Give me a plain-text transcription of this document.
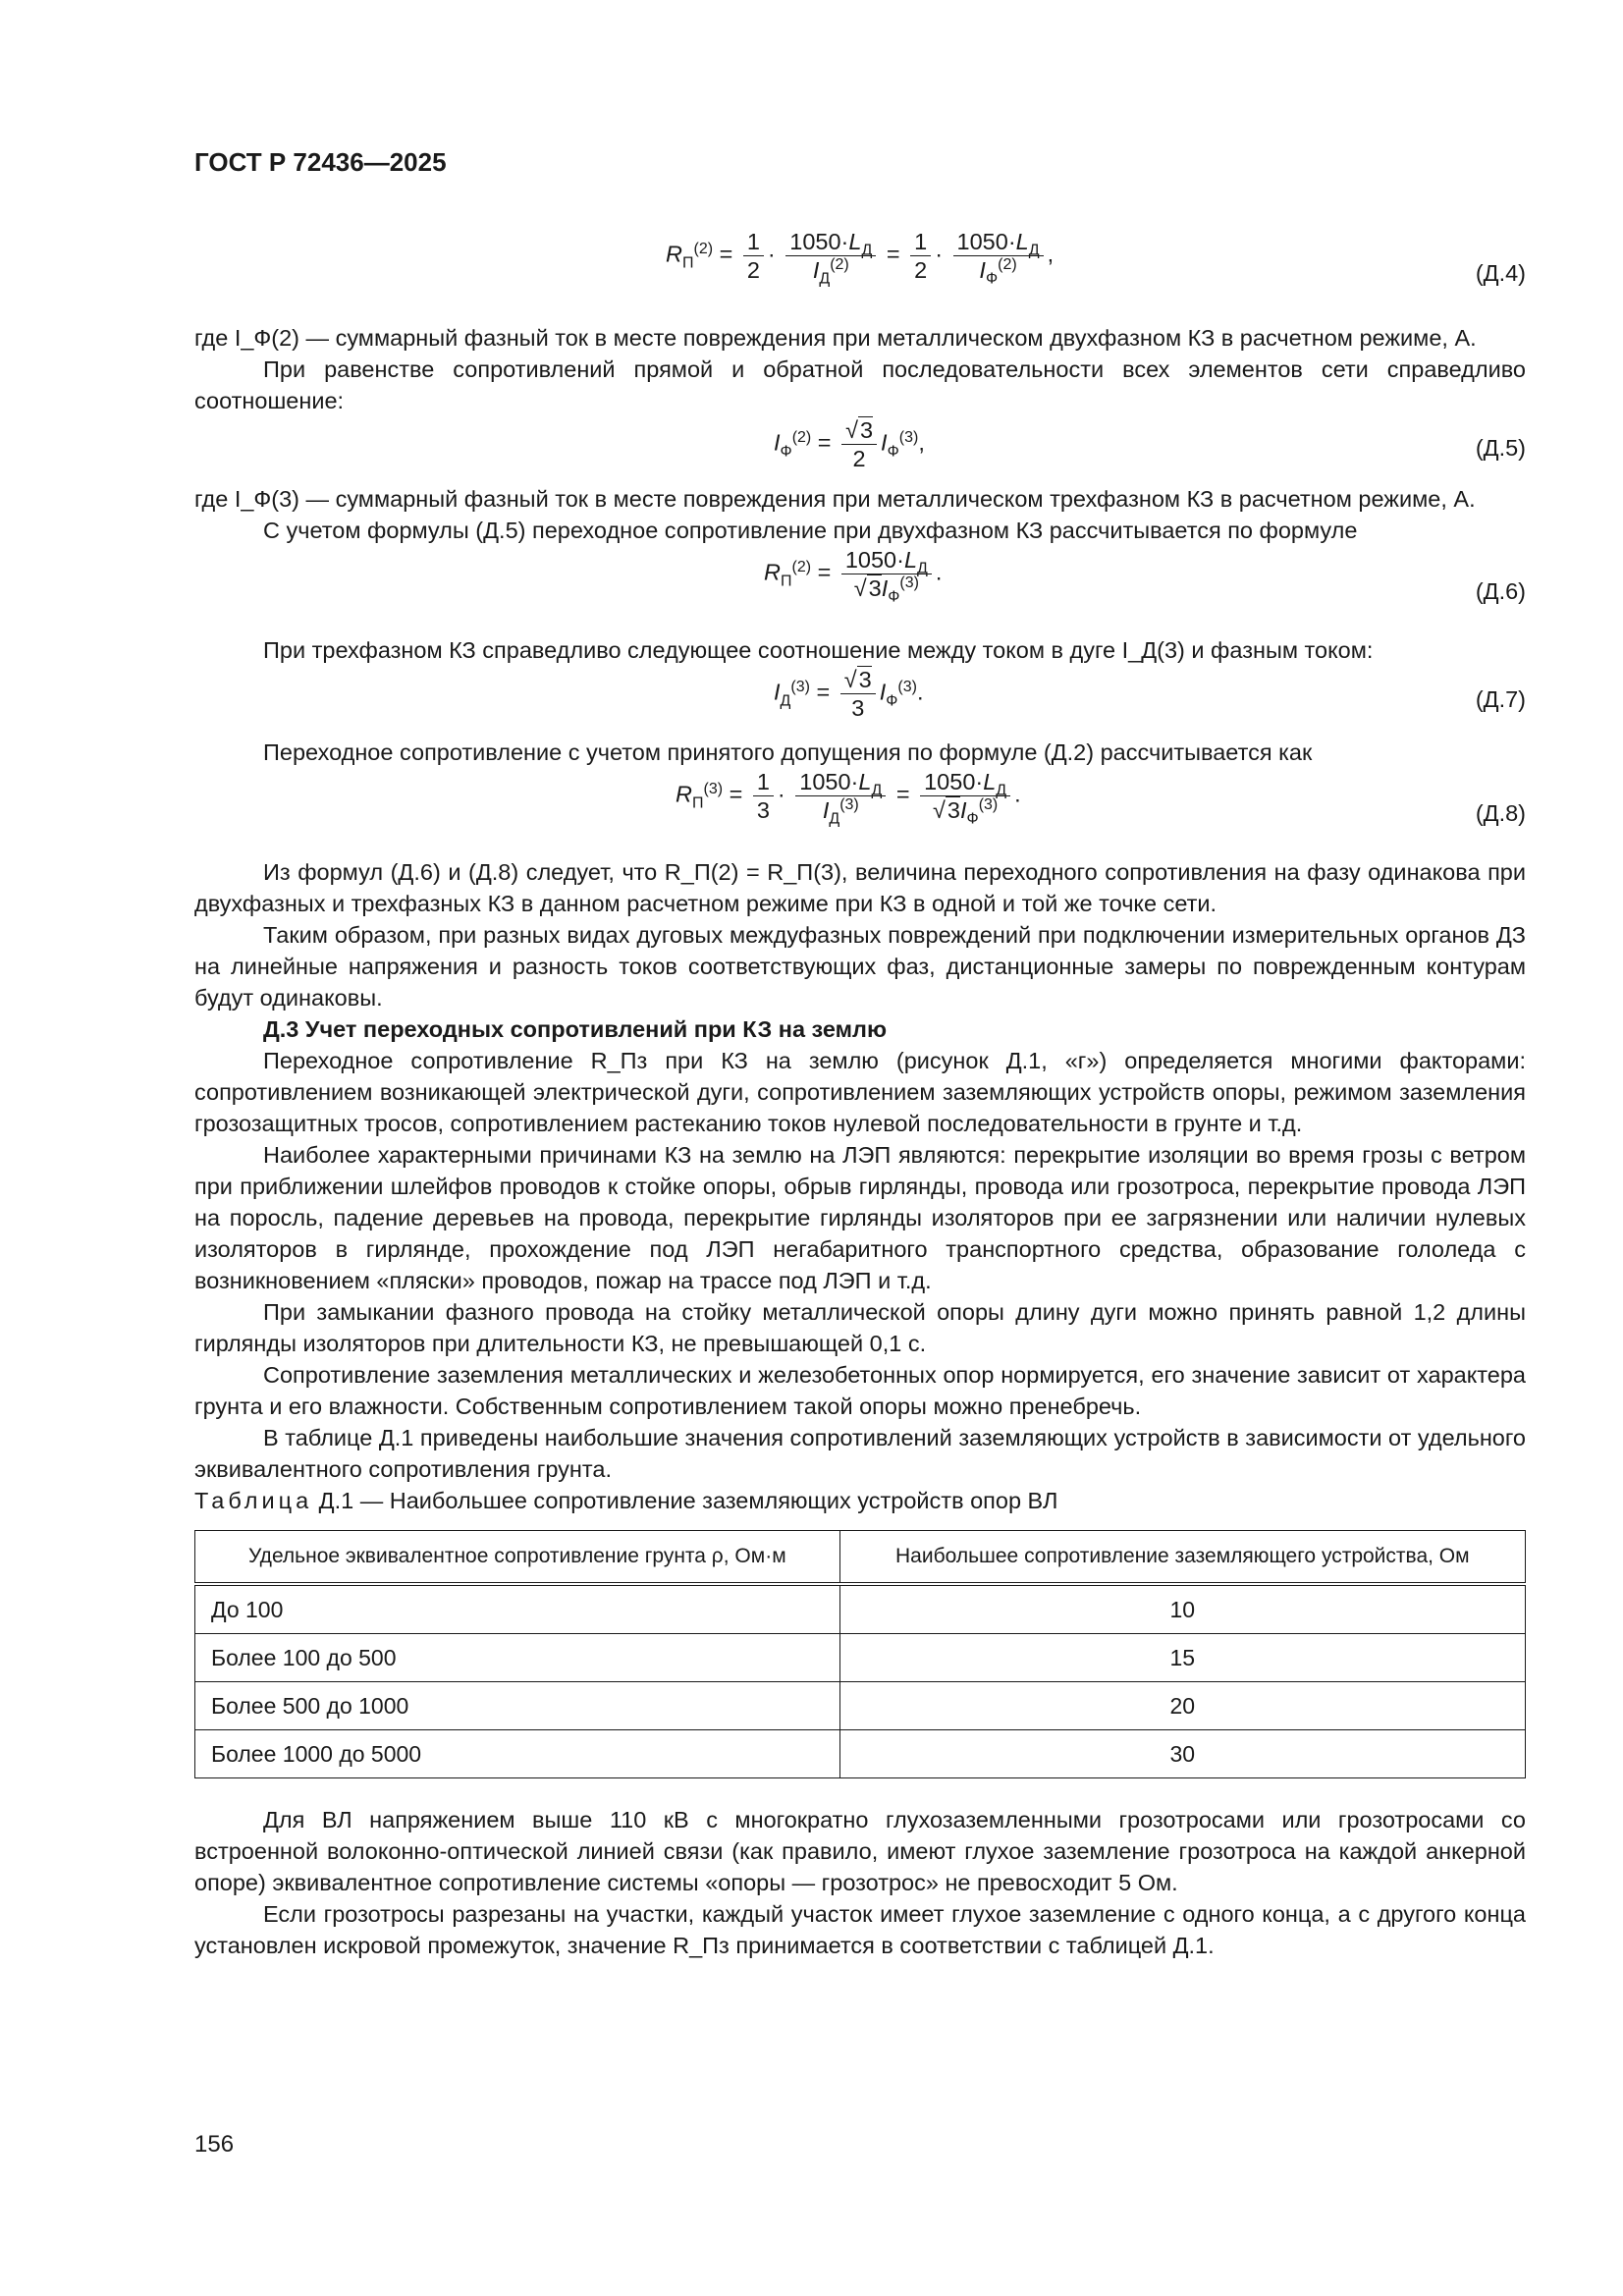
ГОСТ Р 72436—2025
$R_П^{(2)} = \frac{1}{2} \cdot 1050\cdot L_Д$
$I_Д^{(2)}$	= $\frac{1}{2} \cdot 1050\cdot L_Д$
$I_Ф^{(2)}$	,
(Д.4)

где I_Ф(2) — суммарный фазный ток в месте повреждения при металлическом двухфазном КЗ в расчетном режиме, А.

При равенстве сопротивлений прямой и обратной последовательности всех элементов сети справедливо соотношение:

$I_Ф^{(2)} = \frac{√3}{2} I_Ф^{(3)}$,	(Д.5)

где I_Ф(3) — суммарный фазный ток в месте повреждения при металлическом трехфазном КЗ в расчетном режиме, А.

С учетом формулы (Д.5) переходное сопротивление при двухфазном КЗ рассчитывается по формуле

$R_П^{(2)} = 1050\cdot L_Д$
$√3I_Ф^{(3)}$ .
(Д.6)

При трехфазном КЗ справедливо следующее соотношение между током в дуге I_Д(3) и фазным током:

$I_Д^{(3)} = \frac{√3}{3} I_Ф^{(3)}$.	(Д.7)

Переходное сопротивление с учетом принятого допущения по формуле (Д.2) рассчитывается как

$R_П^{(3)} = \frac{1}{3} \cdot 1050\cdot L_Д$
$I_Д^{(3)}$	= $1050\cdot L_Д$
$√3I_Ф^{(3)}$ .
(Д.8)

Из формул (Д.6) и (Д.8) следует, что R_П(2) = R_П(3), величина переходного сопротивления на фазу одинакова при двухфазных и трехфазных КЗ в данном расчетном режиме при КЗ в одной и той же точке сети.

Таким образом, при разных видах дуговых междуфазных повреждений при подключении измерительных органов ДЗ на линейные напряжения и разность токов соответствующих фаз, дистанционные замеры по поврежденным контурам будут одинаковы.

Д.3 Учет переходных сопротивлений при КЗ на землю

Переходное сопротивление R_Пз при КЗ на землю (рисунок Д.1, «г») определяется многими факторами: сопротивлением возникающей электрической дуги, сопротивлением заземляющих устройств опоры, режимом заземления грозозащитных тросов, сопротивлением растеканию токов нулевой последовательности в грунте и т.д.

Наиболее характерными причинами КЗ на землю на ЛЭП являются: перекрытие изоляции во время грозы с ветром при приближении шлейфов проводов к стойке опоры, обрыв гирлянды, провода или грозотроса, перекрытие провода ЛЭП на поросль, падение деревьев на провода, перекрытие гирлянды изоляторов при ее загрязнении или наличии нулевых изоляторов в гирлянде, прохождение под ЛЭП негабаритного транспортного средства, образование гололеда с возникновением «пляски» проводов, пожар на трассе под ЛЭП и т.д.

При замыкании фазного провода на стойку металлической опоры длину дуги можно принять равной 1,2 длины гирлянды изоляторов при длительности КЗ, не превышающей 0,1 с.

Сопротивление заземления металлических и железобетонных опор нормируется, его значение зависит от характера грунта и его влажности. Собственным сопротивлением такой опоры можно пренебречь.

В таблице Д.1 приведены наибольшие значения сопротивлений заземляющих устройств в зависимости от удельного эквивалентного сопротивления грунта.

Таблица Д.1 — Наибольшее сопротивление заземляющих устройств опор ВЛ

Удельное эквивалентное сопротивление грунта ρ, Ом·м	Наибольшее сопротивление заземляющего устройства, Ом
До 100	10
Более 100 до 500	15
Более 500 до 1000	20
Более 1000 до 5000	30

Для ВЛ напряжением выше 110 кВ с многократно глухозаземленными грозотросами или грозотросами со встроенной волоконно-оптической линией связи (как правило, имеют глухое заземление грозотроса на каждой анкерной опоре) эквивалентное сопротивление системы «опоры — грозотрос» не превосходит 5 Ом.

Если грозотросы разрезаны на участки, каждый участок имеет глухое заземление с одного конца, а с другого конца установлен искровой промежуток, значение R_Пз принимается в соответствии с таблицей Д.1.

156
